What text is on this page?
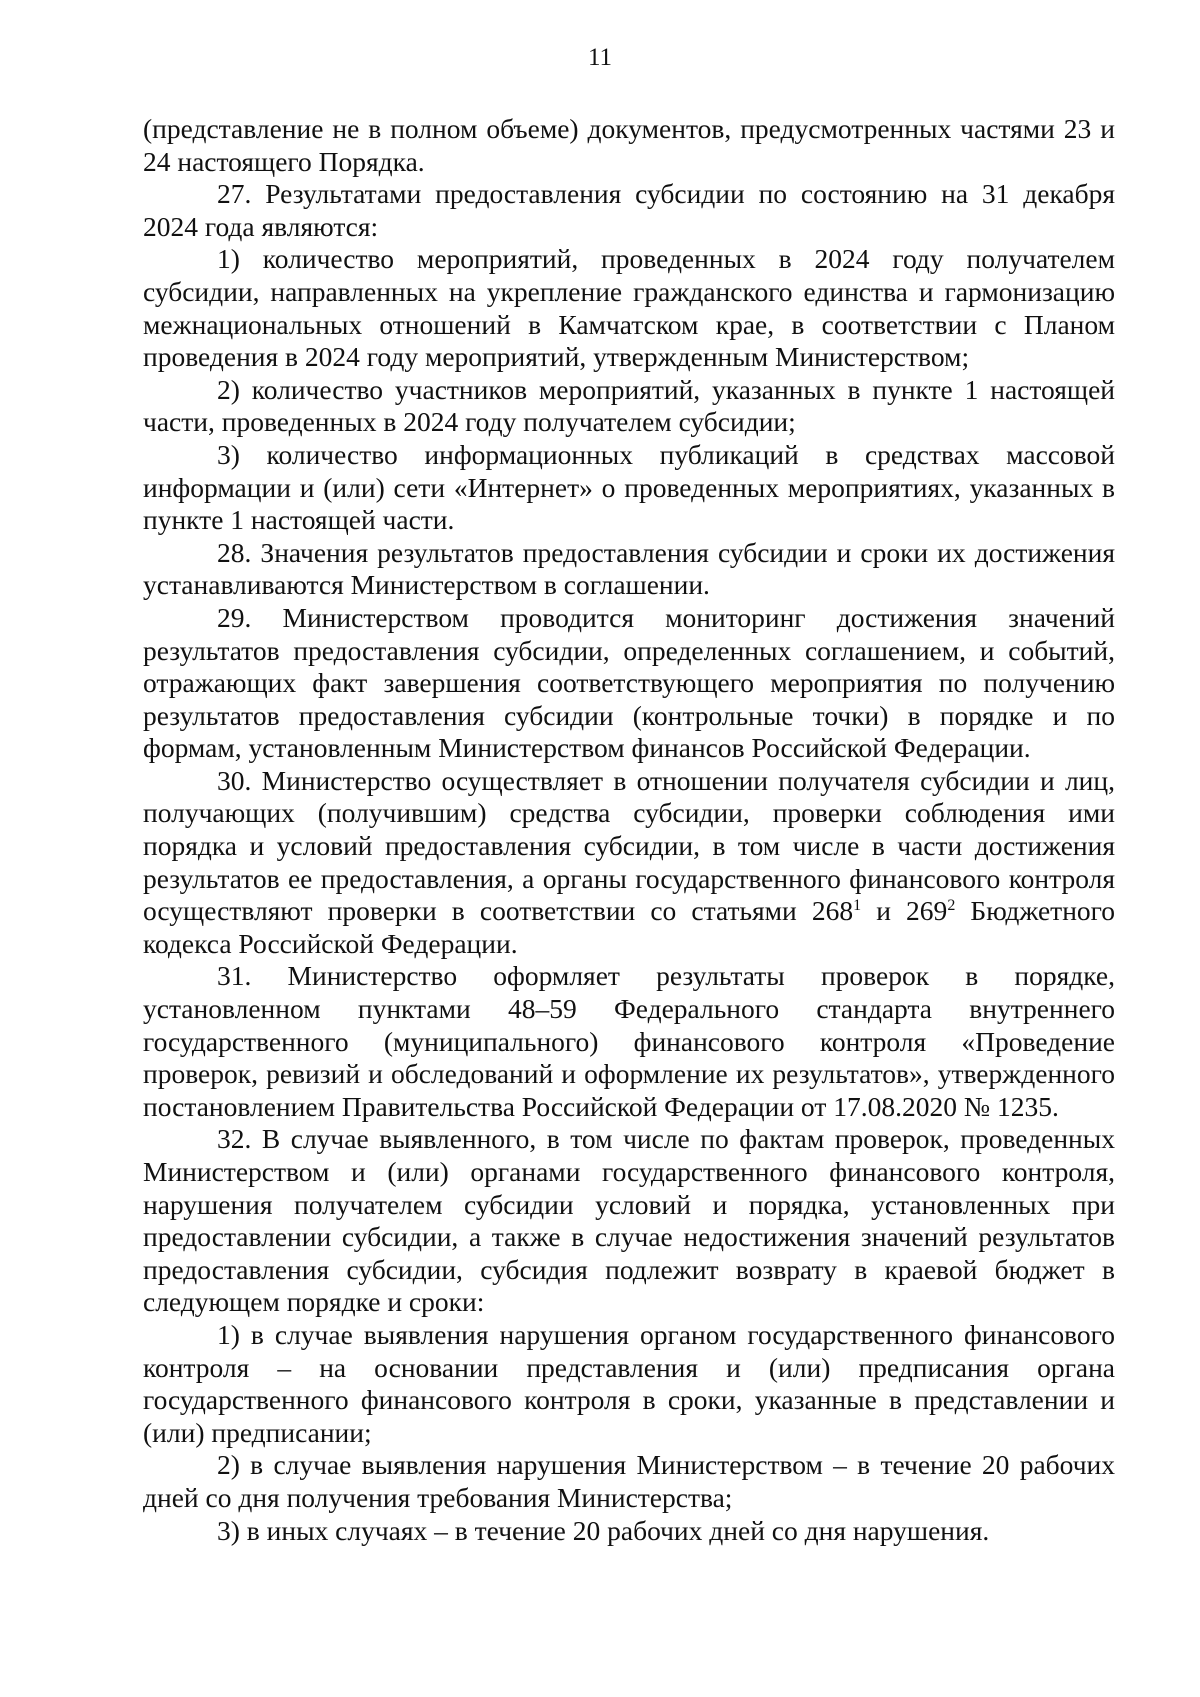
11

(представление не в полном объеме) документов, предусмотренных частями 23 и 24 настоящего Порядка.

27. Результатами предоставления субсидии по состоянию на 31 декабря 2024 года являются:

1) количество мероприятий, проведенных в 2024 году получателем субсидии, направленных на укрепление гражданского единства и гармонизацию межнациональных отношений в Камчатском крае, в соответствии с Планом проведения в 2024 году мероприятий, утвержденным Министерством;

2) количество участников мероприятий, указанных в пункте 1 настоящей части, проведенных в 2024 году получателем субсидии;

3) количество информационных публикаций в средствах массовой информации и (или) сети «Интернет» о проведенных мероприятиях, указанных в пункте 1 настоящей части.

28. Значения результатов предоставления субсидии и сроки их достижения устанавливаются Министерством в соглашении.

29. Министерством проводится мониторинг достижения значений результатов предоставления субсидии, определенных соглашением, и событий, отражающих факт завершения соответствующего мероприятия по получению результатов предоставления субсидии (контрольные точки) в порядке и по формам, установленным Министерством финансов Российской Федерации.

30. Министерство осуществляет в отношении получателя субсидии и лиц, получающих (получившим) средства субсидии, проверки соблюдения ими порядка и условий предоставления субсидии, в том числе в части достижения результатов ее предоставления, а органы государственного финансового контроля осуществляют проверки в соответствии со статьями $268^1$ и $269^2$ Бюджетного кодекса Российской Федерации.

31. Министерство оформляет результаты проверок в порядке, установленном пунктами 48–59 Федерального стандарта внутреннего государственного (муниципального) финансового контроля «Проведение проверок, ревизий и обследований и оформление их результатов», утвержденного постановлением Правительства Российской Федерации от 17.08.2020 № 1235.

32. В случае выявленного, в том числе по фактам проверок, проведенных Министерством и (или) органами государственного финансового контроля, нарушения получателем субсидии условий и порядка, установленных при предоставлении субсидии, а также в случае недостижения значений результатов предоставления субсидии, субсидия подлежит возврату в краевой бюджет в следующем порядке и сроки:

1) в случае выявления нарушения органом государственного финансового контроля – на основании представления и (или) предписания органа государственного финансового контроля в сроки, указанные в представлении и (или) предписании;

2) в случае выявления нарушения Министерством – в течение 20 рабочих дней со дня получения требования Министерства;

3) в иных случаях – в течение 20 рабочих дней со дня нарушения.
